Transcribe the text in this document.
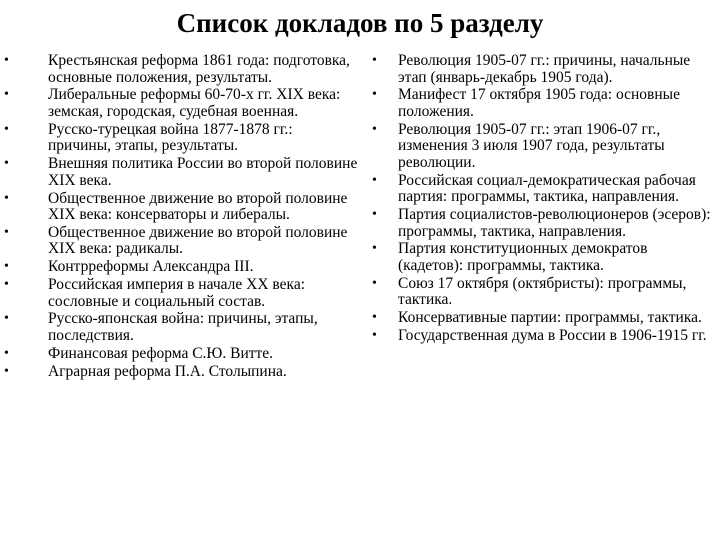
Список докладов по 5 разделу
•	Крестьянская реформа 1861 года: подготовка, основные положения, результаты.
•	Либеральные реформы 60-70-х гг. XIX века: земская, городская, судебная военная.
•	Русско-турецкая война 1877-1878 гг.: причины, этапы, результаты.
•	Внешняя политика России во второй половине XIX века.
•	Общественное движение во второй половине XIX века: консерваторы и либералы.
•	Общественное движение во второй половине XIX века: радикалы.
•	Контрреформы Александра III.
•	Российская империя в начале XX века: сословные и социальный состав.
•	Русско-японская война: причины, этапы, последствия.
•	Финансовая реформа С.Ю. Витте.
•	Аграрная реформа П.А. Столыпина.
• Революция 1905-07 гг.: причины, начальные этап (январь-декабрь 1905 года).
• Манифест 17 октября 1905 года: основные положения.
• Революция 1905-07 гг.: этап 1906-07 гг., изменения 3 июля 1907 года, результаты революции.
• Российская социал-демократическая рабочая партия: программы, тактика, направления.
• Партия социалистов-революционеров (эсеров): программы, тактика, направления.
• Партия конституционных демократов (кадетов): программы, тактика.
• Союз 17 октября (октябристы): программы, тактика.
• Консервативные партии: программы, тактика.
• Государственная дума в России в 1906-1915 гг.
